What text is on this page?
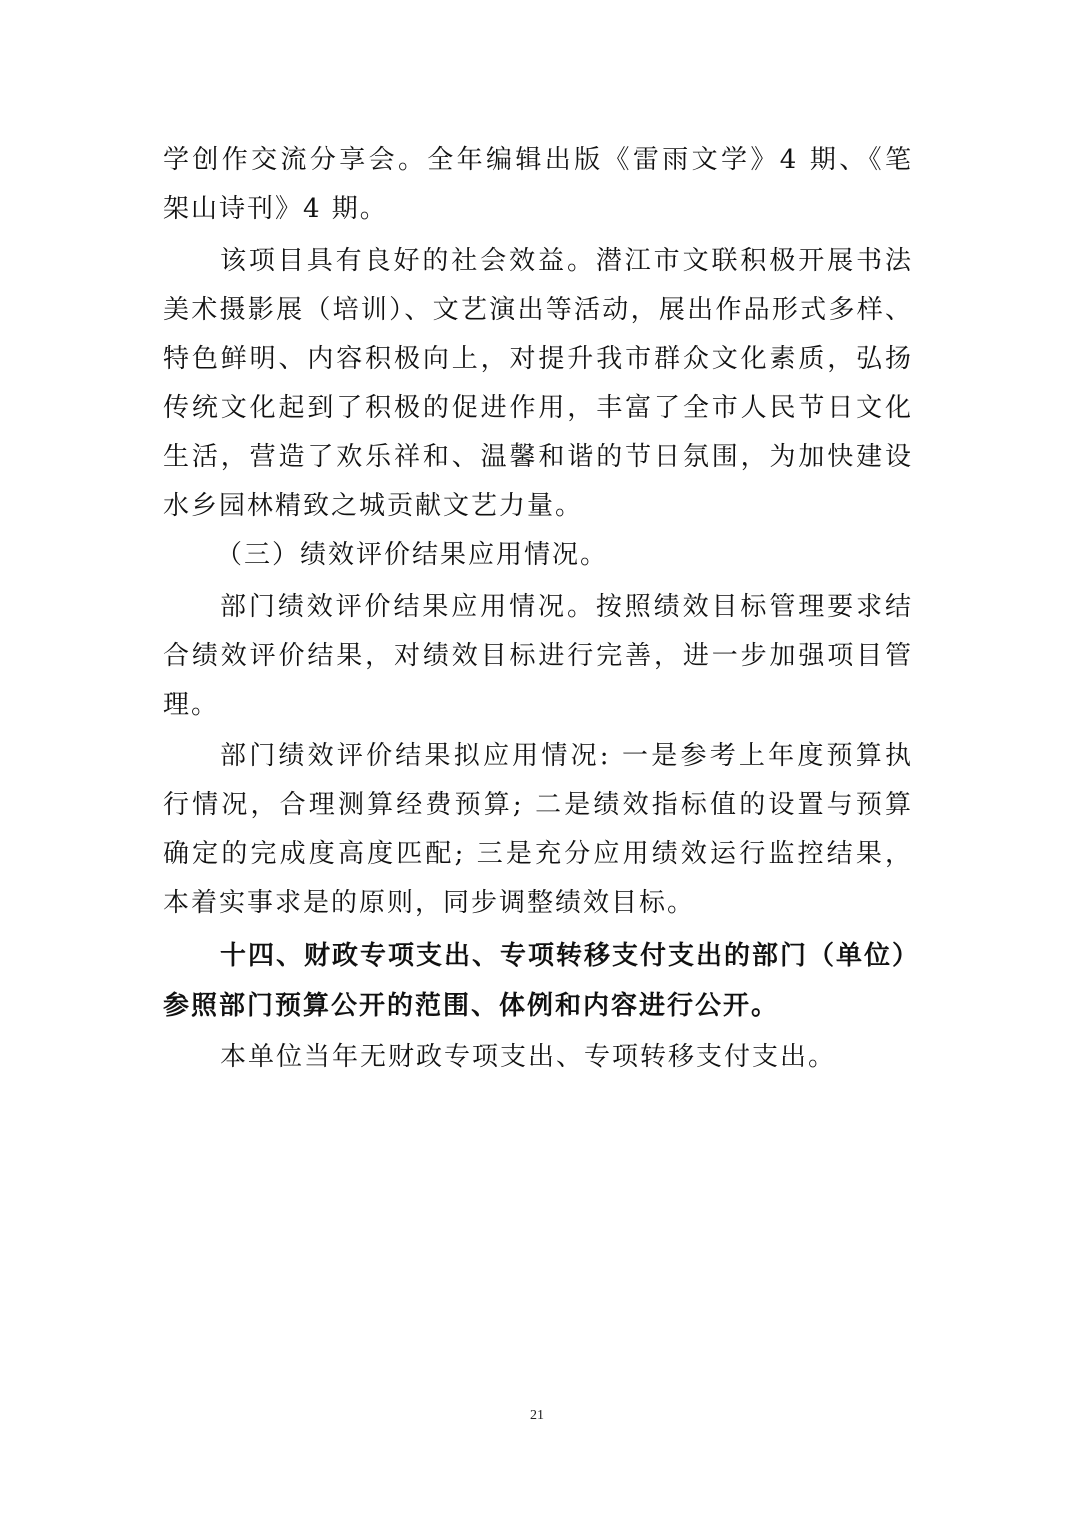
学创作交流分享会。全年编辑出版《雷雨文学》4 期、《笔
架山诗刊》4 期。
该项目具有良好的社会效益。潜江市文联积极开展书法
美术摄影展（培训）、文艺演出等活动，展出作品形式多样、
特色鲜明、内容积极向上，对提升我市群众文化素质，弘扬
传统文化起到了积极的促进作用，丰富了全市人民节日文化
生活，营造了欢乐祥和、温馨和谐的节日氛围，为加快建设
水乡园林精致之城贡献文艺力量。
（三）绩效评价结果应用情况。
部门绩效评价结果应用情况。按照绩效目标管理要求结
合绩效评价结果，对绩效目标进行完善，进一步加强项目管
理。
部门绩效评价结果拟应用情况: 一是参考上年度预算执
行情况，合理测算经费预算; 二是绩效指标值的设置与预算
确定的完成度高度匹配; 三是充分应用绩效运行监控结果，
本着实事求是的原则，同步调整绩效目标。
十四、财政专项支出、专项转移支付支出的部门（单位）
参照部门预算公开的范围、体例和内容进行公开。
本单位当年无财政专项支出、专项转移支付支出。
21
